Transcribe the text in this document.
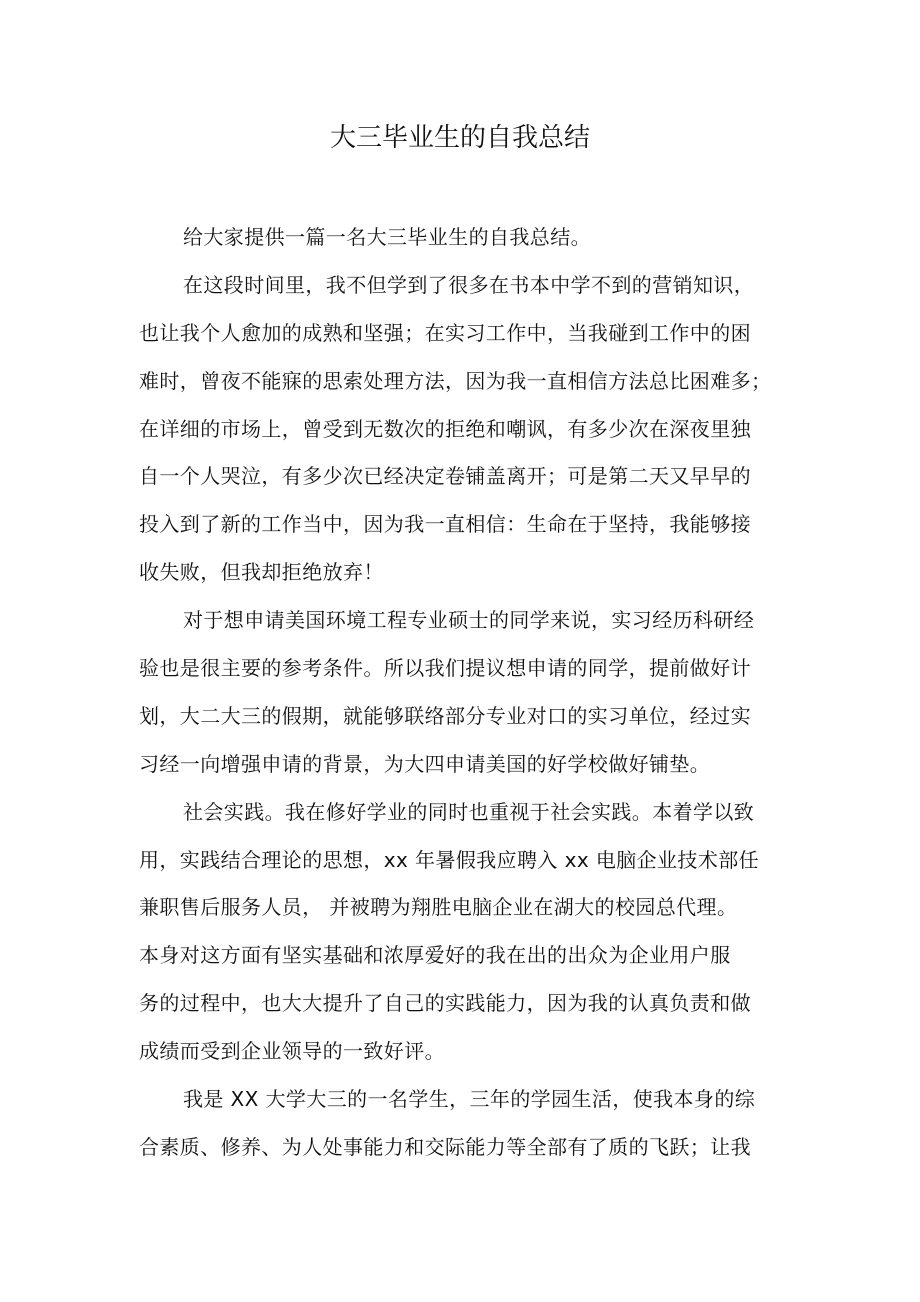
大三毕业生的自我总结
给大家提供一篇一名大三毕业生的自我总结。
在这段时间里，我不但学到了很多在书本中学不到的营销知识，
也让我个人愈加的成熟和坚强；在实习工作中，当我碰到工作中的困
难时，曾夜不能寐的思索处理方法，因为我一直相信方法总比困难多；
在详细的市场上，曾受到无数次的拒绝和嘲讽，有多少次在深夜里独
自一个人哭泣，有多少次已经决定卷铺盖离开；可是第二天又早早的
投入到了新的工作当中，因为我一直相信：生命在于坚持，我能够接
收失败，但我却拒绝放弃！
对于想申请美国环境工程专业硕士的同学来说，实习经历科研经
验也是很主要的参考条件。所以我们提议想申请的同学，提前做好计
划，大二大三的假期，就能够联络部分专业对口的实习单位，经过实
习经一向增强申请的背景，为大四申请美国的好学校做好铺垫。
社会实践。我在修好学业的同时也重视于社会实践。本着学以致
用，实践结合理论的思想，xx 年暑假我应聘入 xx 电脑企业技术部任
兼职售后服务人员， 并被聘为翔胜电脑企业在湖大的校园总代理。
本身对这方面有坚实基础和浓厚爱好的我在出的出众为企业用户服
务的过程中，也大大提升了自己的实践能力，因为我的认真负责和做
成绩而受到企业领导的一致好评。
我是 XX 大学大三的一名学生，三年的学园生活，使我本身的综
合素质、修养、为人处事能力和交际能力等全部有了质的飞跃；让我
